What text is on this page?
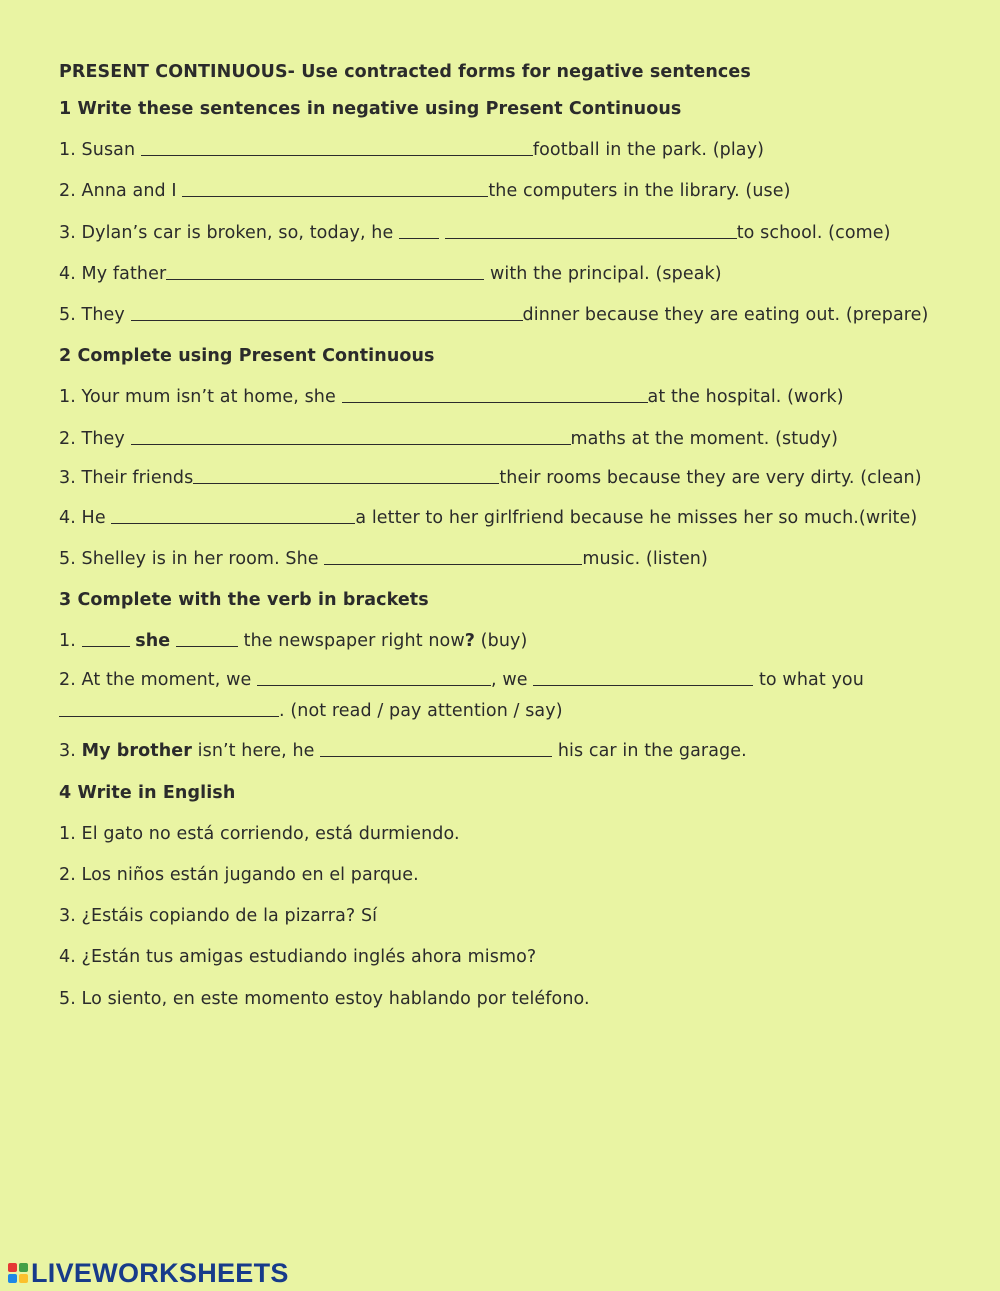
PRESENT CONTINUOUS- Use contracted forms for negative sentences
1 Write these sentences in negative using Present Continuous
1. Susan	football in the park. (play)
2. Anna and I	the computers in the library. (use)
3. Dylan’s car is broken, so, today, he	to school. (come)
4. My father	with the principal. (speak)
5. They	dinner because they are eating out. (prepare)
2 Complete using Present Continuous
1. Your mum isn’t at home, she	at the hospital. (work)
2. They	maths at the moment. (study)
3. Their friends	their rooms because they are very dirty. (clean)
4. He	a letter to her girlfriend because he misses her so much.(write)
5. Shelley is in her room. She	music. (listen)
3 Complete with the verb in brackets
1.	she	the newspaper right now? (buy)
2. At the moment, we	, we	to what you. (not read / pay attention / say)
3. My brother isn’t here, he	his car in the garage.
4 Write in English
1. El gato no está corriendo, está durmiendo.
2. Los niños están jugando en el parque.
3. ¿Estáis copiando de la pizarra? Sí
4. ¿Están tus amigas estudiando inglés ahora mismo?
5. Lo siento, en este momento estoy hablando por teléfono.
LIVEWORKSHEETS
